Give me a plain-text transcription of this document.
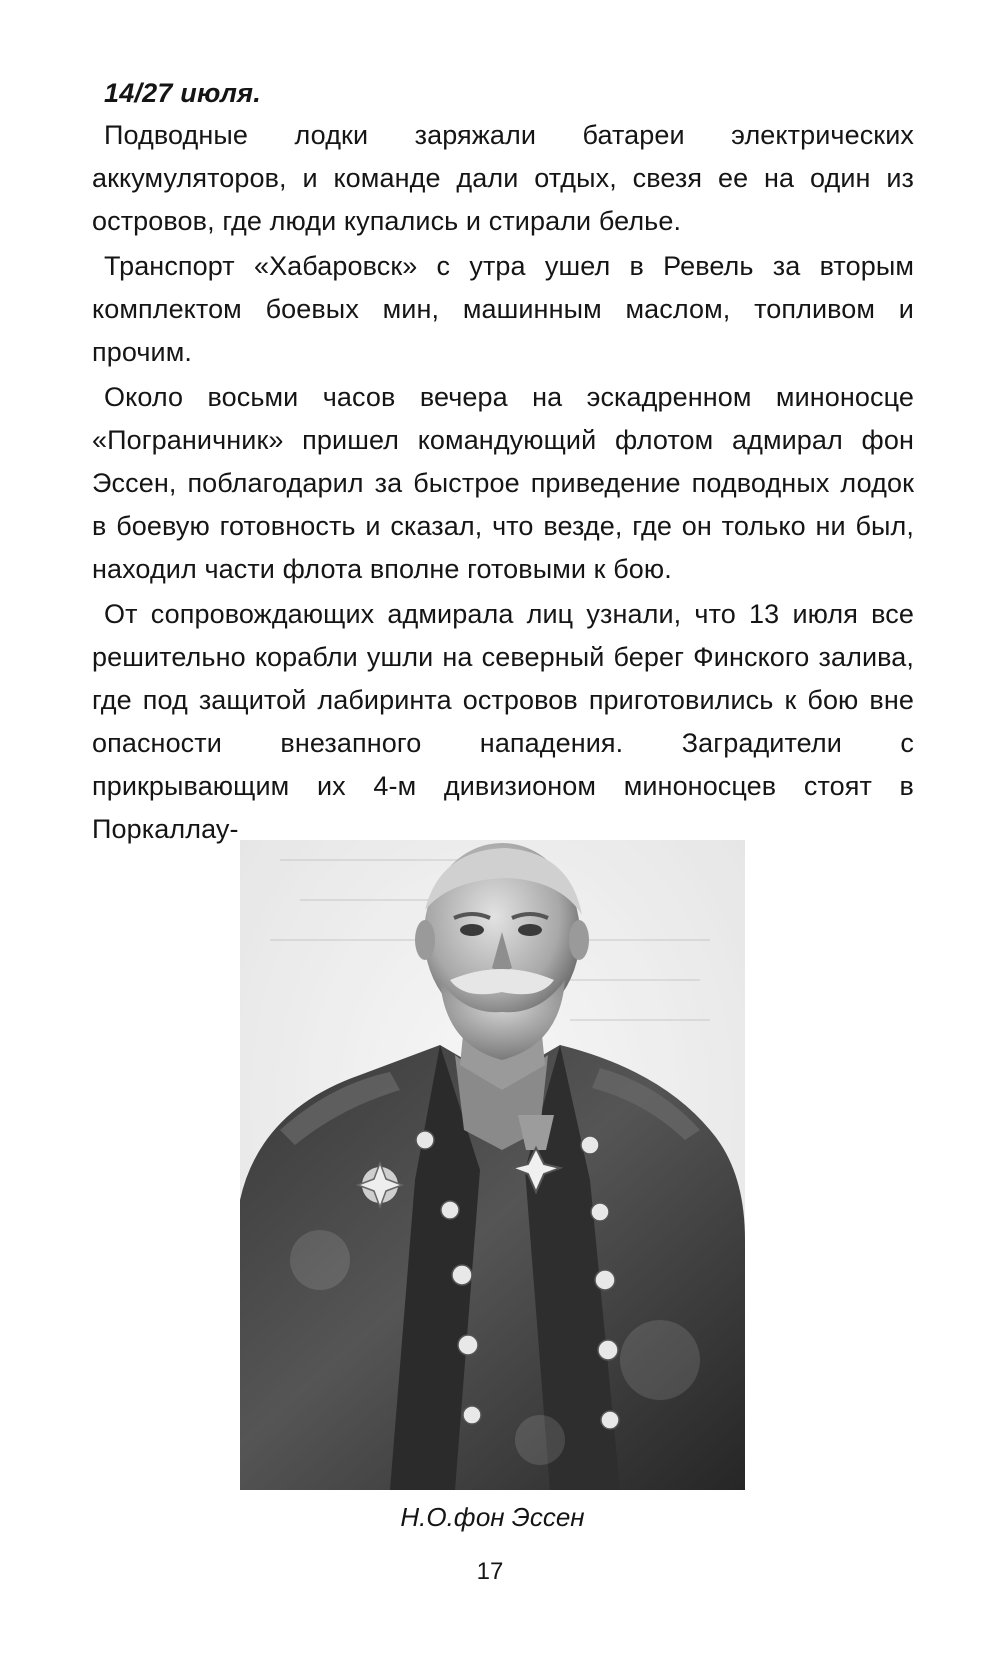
14/27 июля.

Подводные лодки заряжали батареи электрических аккумуляторов, и команде дали отдых, свезя ее на один из островов, где люди купались и стирали белье.

Транспорт «Хабаровск» с утра ушел в Ревель за вторым комплектом боевых мин, машинным маслом, топливом и прочим.

Около восьми часов вечера на эскадренном миноносце «Пограничник» пришел командующий флотом адмирал фон Эссен, поблагодарил за быстрое приведение подводных лодок в боевую готовность и сказал, что везде, где он только ни был, находил части флота вполне готовыми к бою.

От сопровождающих адмирала лиц узнали, что 13 июля все решительно корабли ушли на северный берег Финского залива, где под защитой лабиринта островов приготовились к бою вне опасности внезапного нападения. Заградители с прикрывающим их 4-м дивизионом миноносцев стоят в Поркаллау-

Н.О.фон Эссен
17
